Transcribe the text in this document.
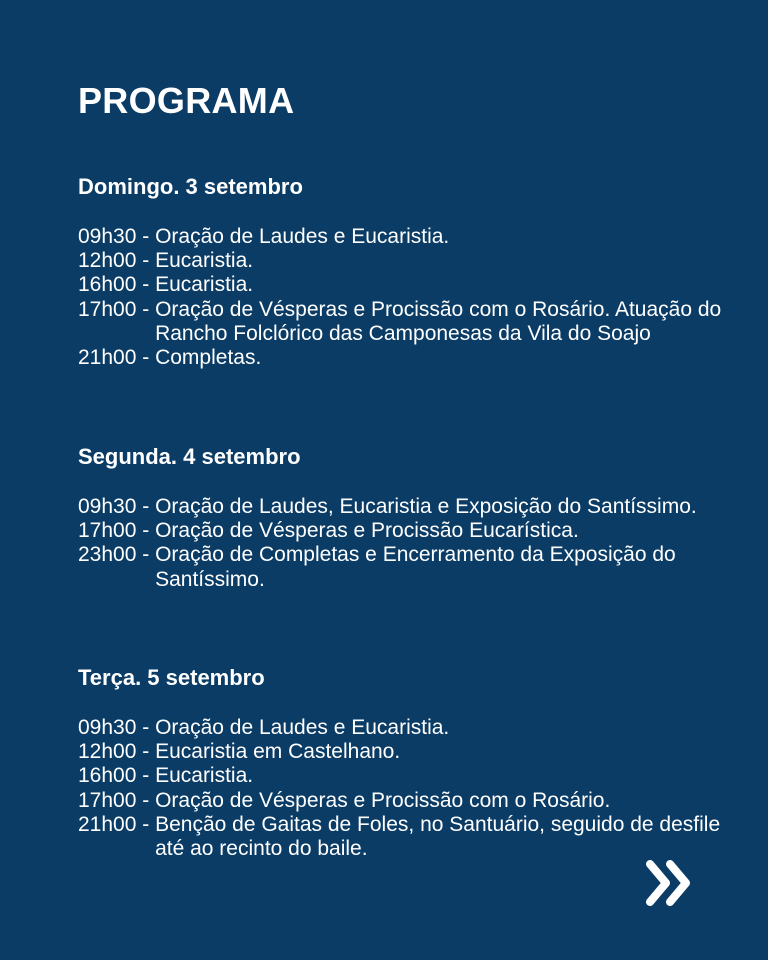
PROGRAMA
Domingo. 3 setembro
09h30 - Oração de Laudes e Eucaristia.
12h00 - Eucaristia.
16h00 - Eucaristia.
17h00 - Oração de Vésperas e Procissão com o Rosário. Atuação do Rancho Folclórico das Camponesas da Vila do Soajo
21h00 - Completas.
Segunda. 4 setembro
09h30 - Oração de Laudes, Eucaristia e Exposição do Santíssimo.
17h00 - Oração de Vésperas e Procissão Eucarística.
23h00 - Oração de Completas e Encerramento da Exposição do Santíssimo.
Terça. 5 setembro
09h30 - Oração de Laudes e Eucaristia.
12h00 - Eucaristia em Castelhano.
16h00 - Eucaristia.
17h00 - Oração de Vésperas e Procissão com o Rosário.
21h00 - Benção de Gaitas de Foles, no Santuário, seguido de desfile até ao recinto do baile.
